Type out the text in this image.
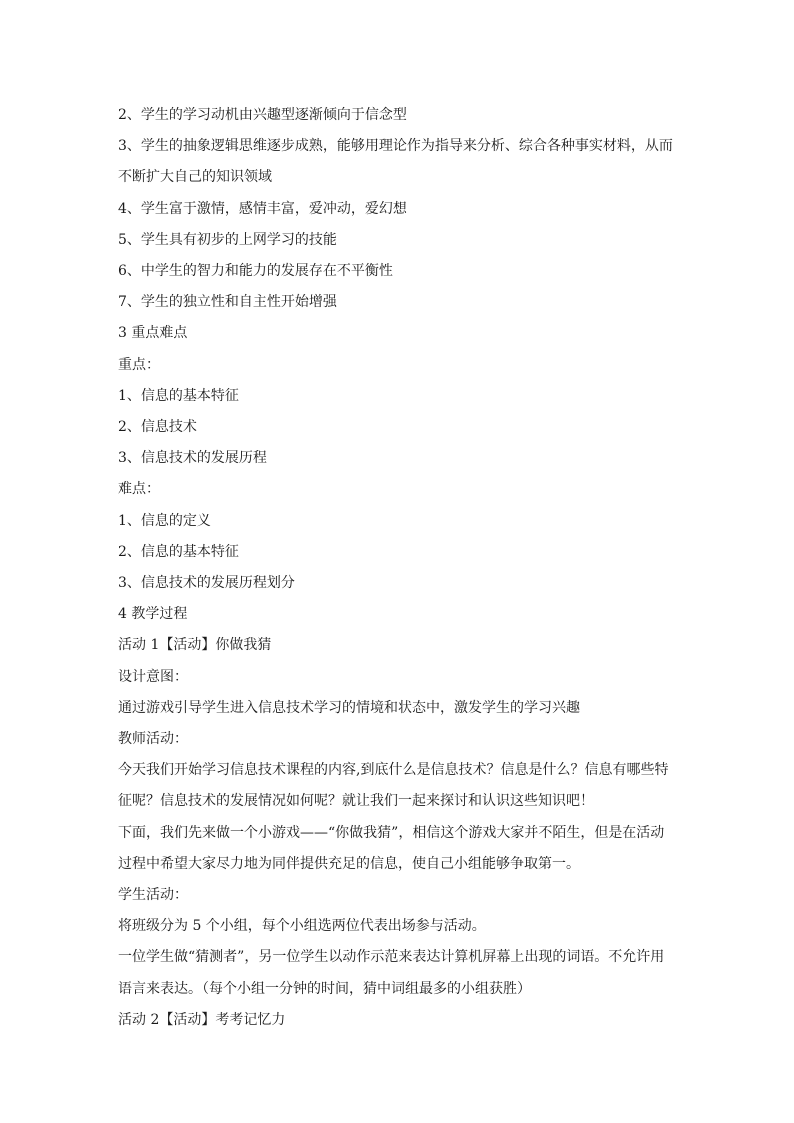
2、学生的学习动机由兴趣型逐渐倾向于信念型

3、学生的抽象逻辑思维逐步成熟，能够用理论作为指导来分析、综合各种事实材料，从而不断扩大自己的知识领域

4、学生富于激情，感情丰富，爱冲动，爱幻想

5、学生具有初步的上网学习的技能

6、中学生的智力和能力的发展存在不平衡性

7、学生的独立性和自主性开始增强

3 重点难点

重点：

1、信息的基本特征

2、信息技术

3、信息技术的发展历程

难点：

1、信息的定义

2、信息的基本特征

3、信息技术的发展历程划分

4 教学过程

活动 1【活动】你做我猜

设计意图：

通过游戏引导学生进入信息技术学习的情境和状态中，激发学生的学习兴趣

教师活动：

今天我们开始学习信息技术课程的内容,到底什么是信息技术？信息是什么？信息有哪些特征呢？信息技术的发展情况如何呢？就让我们一起来探讨和认识这些知识吧！

下面，我们先来做一个小游戏——“你做我猜”，相信这个游戏大家并不陌生，但是在活动过程中希望大家尽力地为同伴提供充足的信息，使自己小组能够争取第一。

学生活动：

将班级分为 5 个小组，每个小组选两位代表出场参与活动。

一位学生做“猜测者”，另一位学生以动作示范来表达计算机屏幕上出现的词语。不允许用语言来表达。（每个小组一分钟的时间，猜中词组最多的小组获胜）

活动 2【活动】考考记忆力
